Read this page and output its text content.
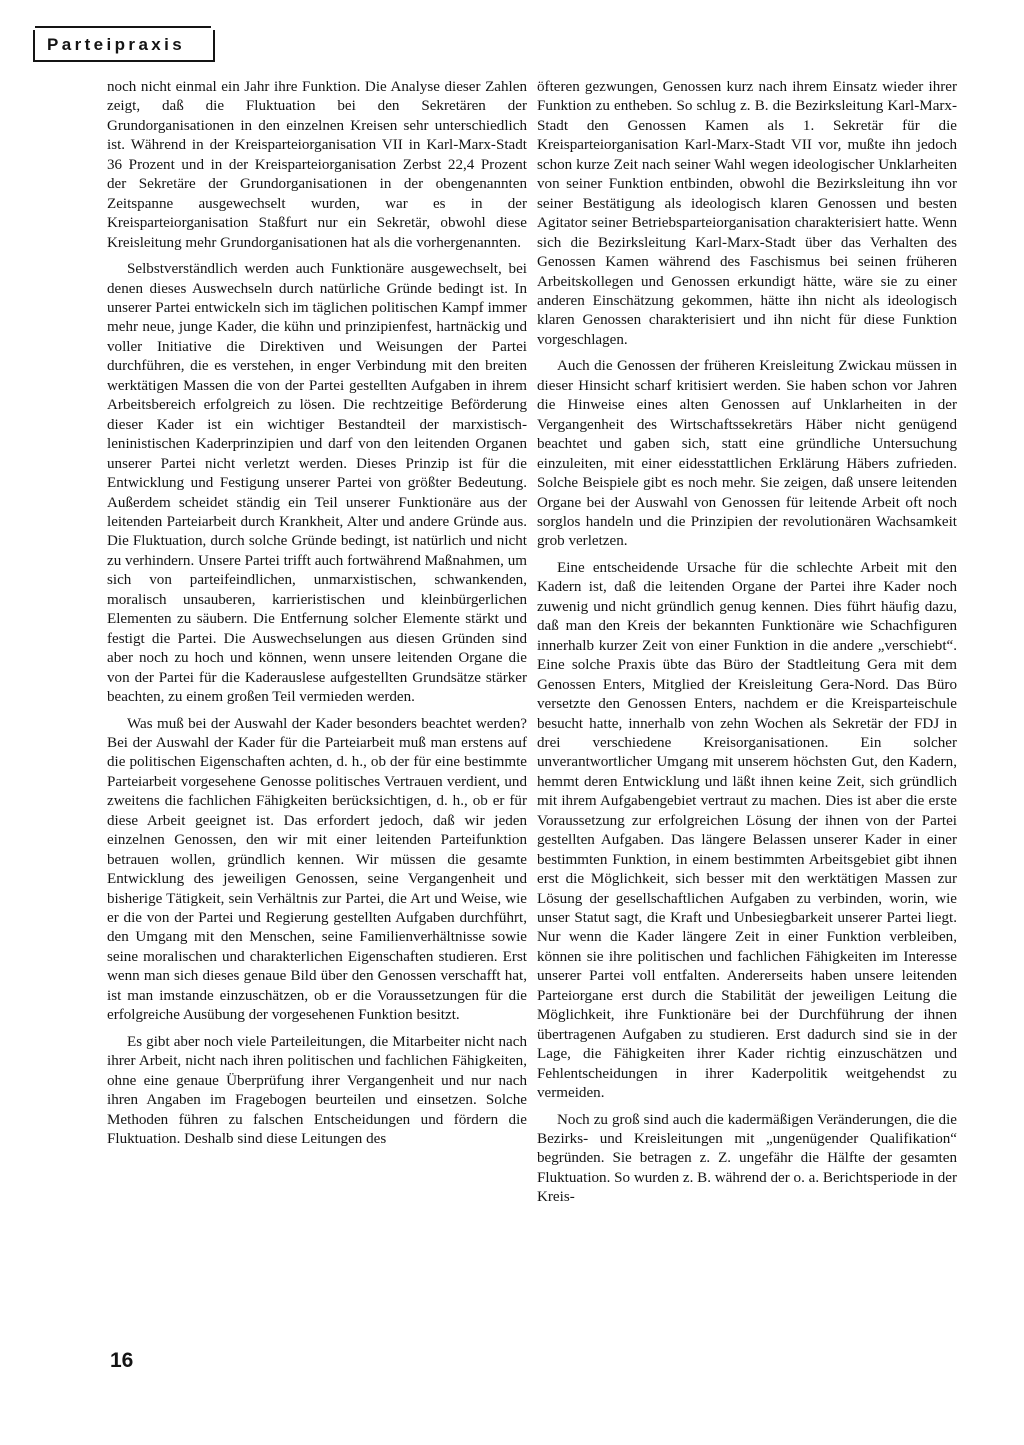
Parteipraxis

noch nicht einmal ein Jahr ihre Funktion. Die Analyse dieser Zahlen zeigt, daß die Fluktuation bei den Sekretären der Grundorganisationen in den einzelnen Kreisen sehr unterschiedlich ist. Während in der Kreisparteiorganisation VII in Karl-Marx-Stadt 36 Prozent und in der Kreisparteiorganisation Zerbst 22,4 Prozent der Sekretäre der Grundorganisationen in der obengenannten Zeitspanne ausgewechselt wurden, war es in der Kreisparteiorganisation Staßfurt nur ein Sekretär, obwohl diese Kreisleitung mehr Grundorganisationen hat als die vorhergenannten.

Selbstverständlich werden auch Funktionäre ausgewechselt, bei denen dieses Auswechseln durch natürliche Gründe bedingt ist. In unserer Partei entwickeln sich im täglichen politischen Kampf immer mehr neue, junge Kader, die kühn und prinzipienfest, hartnäckig und voller Initiative die Direktiven und Weisungen der Partei durchführen, die es verstehen, in enger Verbindung mit den breiten werktätigen Massen die von der Partei gestellten Aufgaben in ihrem Arbeitsbereich erfolgreich zu lösen. Die rechtzeitige Beförderung dieser Kader ist ein wichtiger Bestandteil der marxistisch-leninistischen Kaderprinzipien und darf von den leitenden Organen unserer Partei nicht verletzt werden. Dieses Prinzip ist für die Entwicklung und Festigung unserer Partei von größter Bedeutung. Außerdem scheidet ständig ein Teil unserer Funktionäre aus der leitenden Parteiarbeit durch Krankheit, Alter und andere Gründe aus. Die Fluktuation, durch solche Gründe bedingt, ist natürlich und nicht zu verhindern. Unsere Partei trifft auch fortwährend Maßnahmen, um sich von parteifeindlichen, unmarxistischen, schwankenden, moralisch unsauberen, karrieristischen und kleinbürgerlichen Elementen zu säubern. Die Entfernung solcher Elemente stärkt und festigt die Partei. Die Auswechselungen aus diesen Gründen sind aber noch zu hoch und können, wenn unsere leitenden Organe die von der Partei für die Kaderauslese aufgestellten Grundsätze stärker beachten, zu einem großen Teil vermieden werden.

Was muß bei der Auswahl der Kader besonders beachtet werden? Bei der Auswahl der Kader für die Parteiarbeit muß man erstens auf die politischen Eigenschaften achten, d. h., ob der für eine bestimmte Parteiarbeit vorgesehene Genosse politisches Vertrauen verdient, und zweitens die fachlichen Fähigkeiten berücksichtigen, d. h., ob er für diese Arbeit geeignet ist. Das erfordert jedoch, daß wir jeden einzelnen Genossen, den wir mit einer leitenden Parteifunktion betrauen wollen, gründlich kennen. Wir müssen die gesamte Entwicklung des jeweiligen Genossen, seine Vergangenheit und bisherige Tätigkeit, sein Verhältnis zur Partei, die Art und Weise, wie er die von der Partei und Regierung gestellten Aufgaben durchführt, den Umgang mit den Menschen, seine Familienverhältnisse sowie seine moralischen und charakterlichen Eigenschaften studieren. Erst wenn man sich dieses genaue Bild über den Genossen verschafft hat, ist man imstande einzuschätzen, ob er die Voraussetzungen für die erfolgreiche Ausübung der vorgesehenen Funktion besitzt.

Es gibt aber noch viele Parteileitungen, die Mitarbeiter nicht nach ihrer Arbeit, nicht nach ihren politischen und fachlichen Fähigkeiten, ohne eine genaue Überprüfung ihrer Vergangenheit und nur nach ihren Angaben im Fragebogen beurteilen und einsetzen. Solche Methoden führen zu falschen Entscheidungen und fördern die Fluktuation. Deshalb sind diese Leitungen des

öfteren gezwungen, Genossen kurz nach ihrem Einsatz wieder ihrer Funktion zu entheben. So schlug z. B. die Bezirksleitung Karl-Marx-Stadt den Genossen Kamen als 1. Sekretär für die Kreisparteiorganisation Karl-Marx-Stadt VII vor, mußte ihn jedoch schon kurze Zeit nach seiner Wahl wegen ideologischer Unklarheiten von seiner Funktion entbinden, obwohl die Bezirksleitung ihn vor seiner Bestätigung als ideologisch klaren Genossen und besten Agitator seiner Betriebsparteiorganisation charakterisiert hatte. Wenn sich die Bezirksleitung Karl-Marx-Stadt über das Verhalten des Genossen Kamen während des Faschismus bei seinen früheren Arbeitskollegen und Genossen erkundigt hätte, wäre sie zu einer anderen Einschätzung gekommen, hätte ihn nicht als ideologisch klaren Genossen charakterisiert und ihn nicht für diese Funktion vorgeschlagen.

Auch die Genossen der früheren Kreisleitung Zwickau müssen in dieser Hinsicht scharf kritisiert werden. Sie haben schon vor Jahren die Hinweise eines alten Genossen auf Unklarheiten in der Vergangenheit des Wirtschaftssekretärs Häber nicht genügend beachtet und gaben sich, statt eine gründliche Untersuchung einzuleiten, mit einer eidesstattlichen Erklärung Häbers zufrieden. Solche Beispiele gibt es noch mehr. Sie zeigen, daß unsere leitenden Organe bei der Auswahl von Genossen für leitende Arbeit oft noch sorglos handeln und die Prinzipien der revolutionären Wachsamkeit grob verletzen.

Eine entscheidende Ursache für die schlechte Arbeit mit den Kadern ist, daß die leitenden Organe der Partei ihre Kader noch zuwenig und nicht gründlich genug kennen. Dies führt häufig dazu, daß man den Kreis der bekannten Funktionäre wie Schachfiguren innerhalb kurzer Zeit von einer Funktion in die andere „verschiebt“. Eine solche Praxis übte das Büro der Stadtleitung Gera mit dem Genossen Enters, Mitglied der Kreisleitung Gera-Nord. Das Büro versetzte den Genossen Enters, nachdem er die Kreisparteischule besucht hatte, innerhalb von zehn Wochen als Sekretär der FDJ in drei verschiedene Kreisorganisationen. Ein solcher unverantwortlicher Umgang mit unserem höchsten Gut, den Kadern, hemmt deren Entwicklung und läßt ihnen keine Zeit, sich gründlich mit ihrem Aufgabengebiet vertraut zu machen. Dies ist aber die erste Voraussetzung zur erfolgreichen Lösung der ihnen von der Partei gestellten Aufgaben. Das längere Belassen unserer Kader in einer bestimmten Funktion, in einem bestimmten Arbeitsgebiet gibt ihnen erst die Möglichkeit, sich besser mit den werktätigen Massen zur Lösung der gesellschaftlichen Aufgaben zu verbinden, worin, wie unser Statut sagt, die Kraft und Unbesiegbarkeit unserer Partei liegt. Nur wenn die Kader längere Zeit in einer Funktion verbleiben, können sie ihre politischen und fachlichen Fähigkeiten im Interesse unserer Partei voll entfalten. Andererseits haben unsere leitenden Parteiorgane erst durch die Stabilität der jeweiligen Leitung die Möglichkeit, ihre Funktionäre bei der Durchführung der ihnen übertragenen Aufgaben zu studieren. Erst dadurch sind sie in der Lage, die Fähigkeiten ihrer Kader richtig einzuschätzen und Fehlentscheidungen in ihrer Kaderpolitik weitgehendst zu vermeiden.

Noch zu groß sind auch die kadermäßigen Veränderungen, die die Bezirks- und Kreisleitungen mit „ungenügender Qualifikation“ begründen. Sie betragen z. Z. ungefähr die Hälfte der gesamten Fluktuation. So wurden z. B. während der o. a. Berichtsperiode in der Kreis-

16
